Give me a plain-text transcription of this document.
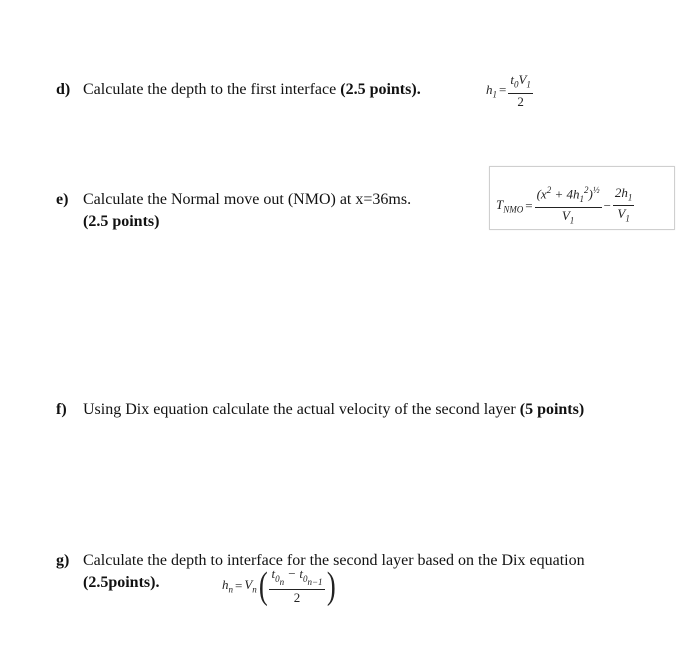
d) Calculate the depth to the first interface (2.5 points).	$h_1 = \frac{t_0V_1}{2}$
e) Calculate the Normal move out (NMO) at x=36ms.
(2.5 points)
$T_{NMO} = \frac{(x^2 + 4h_1^2)^{\frac{1}{2}}}{V_1} - \frac{2h_1}{V_1}$
f) Using Dix equation calculate the actual velocity of the second layer (5 points)
g) Calculate the depth to interface for the second layer based on the Dix equation
(2.5points).	$h_n = V_n( \frac{t_{0_n} - t_{0_{n-1}}}{2}$ )
